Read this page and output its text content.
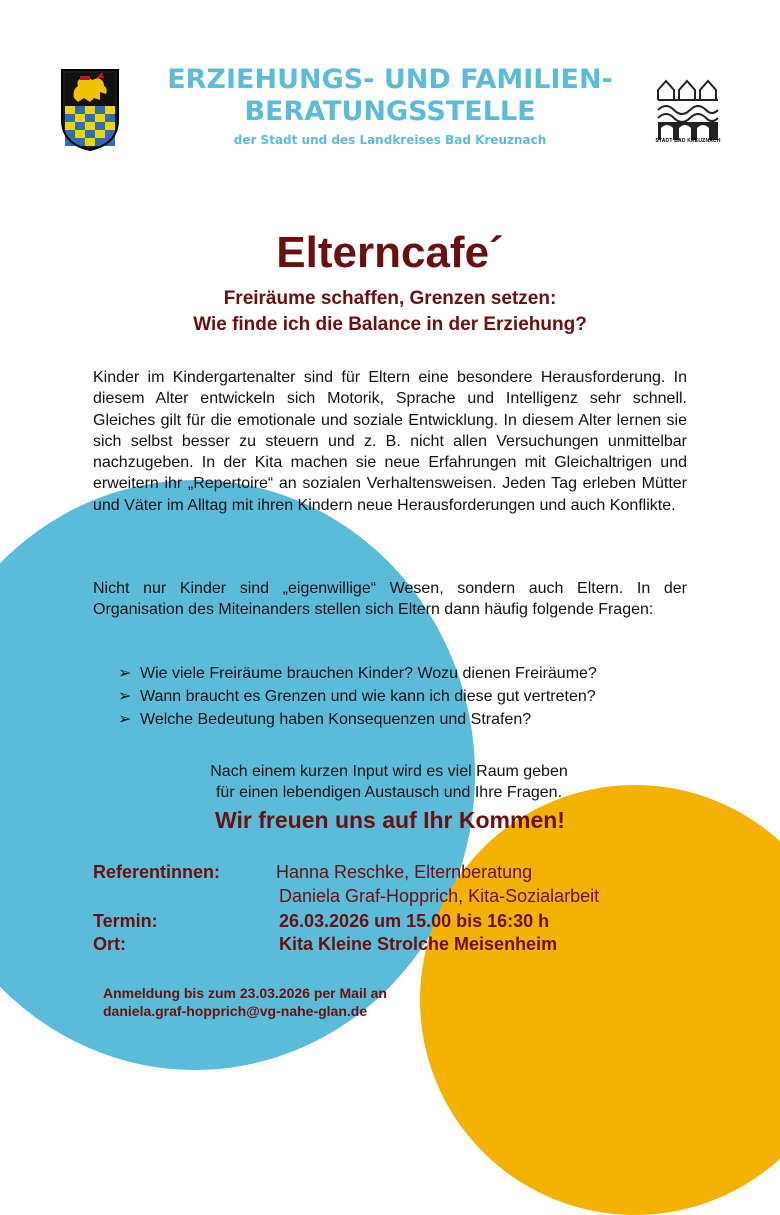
ERZIEHUNGS- UND FAMILIEN-
BERATUNGSSTELLE
der Stadt und des Landkreises Bad Kreuznach	STADT BAD KREUZNACH
Elterncafe´
Freiräume schaffen, Grenzen setzen:
Wie finde ich die Balance in der Erziehung?
Kinder im Kindergartenalter sind für Eltern eine besondere Herausforderung. In diesem Alter entwickeln sich Motorik, Sprache und Intelligenz sehr schnell. Gleiches gilt für die emotionale und soziale Entwicklung. In diesem Alter lernen sie sich selbst besser zu steuern und z. B. nicht allen Versuchungen unmittelbar nachzugeben. In der Kita machen sie neue Erfahrungen mit Gleichaltrigen und erweitern ihr „Repertoire“ an sozialen Verhaltensweisen. Jeden Tag erleben Mütter und Väter im Alltag mit ihren Kindern neue Herausforderungen und auch Konflikte.
Nicht nur Kinder sind „eigenwillige“ Wesen, sondern auch Eltern. In der Organisation des Miteinanders stellen sich Eltern dann häufig folgende Fragen:
➢ Wie viele Freiräume brauchen Kinder? Wozu dienen Freiräume?
➢ Wann braucht es Grenzen und wie kann ich diese gut vertreten?
➢ Welche Bedeutung haben Konsequenzen und Strafen?
Nach einem kurzen Input wird es viel Raum geben
für einen lebendigen Austausch und Ihre Fragen.
Wir freuen uns auf Ihr Kommen!
Referentinnen:	Hanna Reschke, Elternberatung
Daniela Graf-Hopprich, Kita-Sozialarbeit
Termin:	26.03.2026 um 15.00 bis 16:30 h
Ort:	Kita Kleine Strolche Meisenheim
Anmeldung bis zum 23.03.2026 per Mail an
daniela.graf-hopprich@vg-nahe-glan.de
